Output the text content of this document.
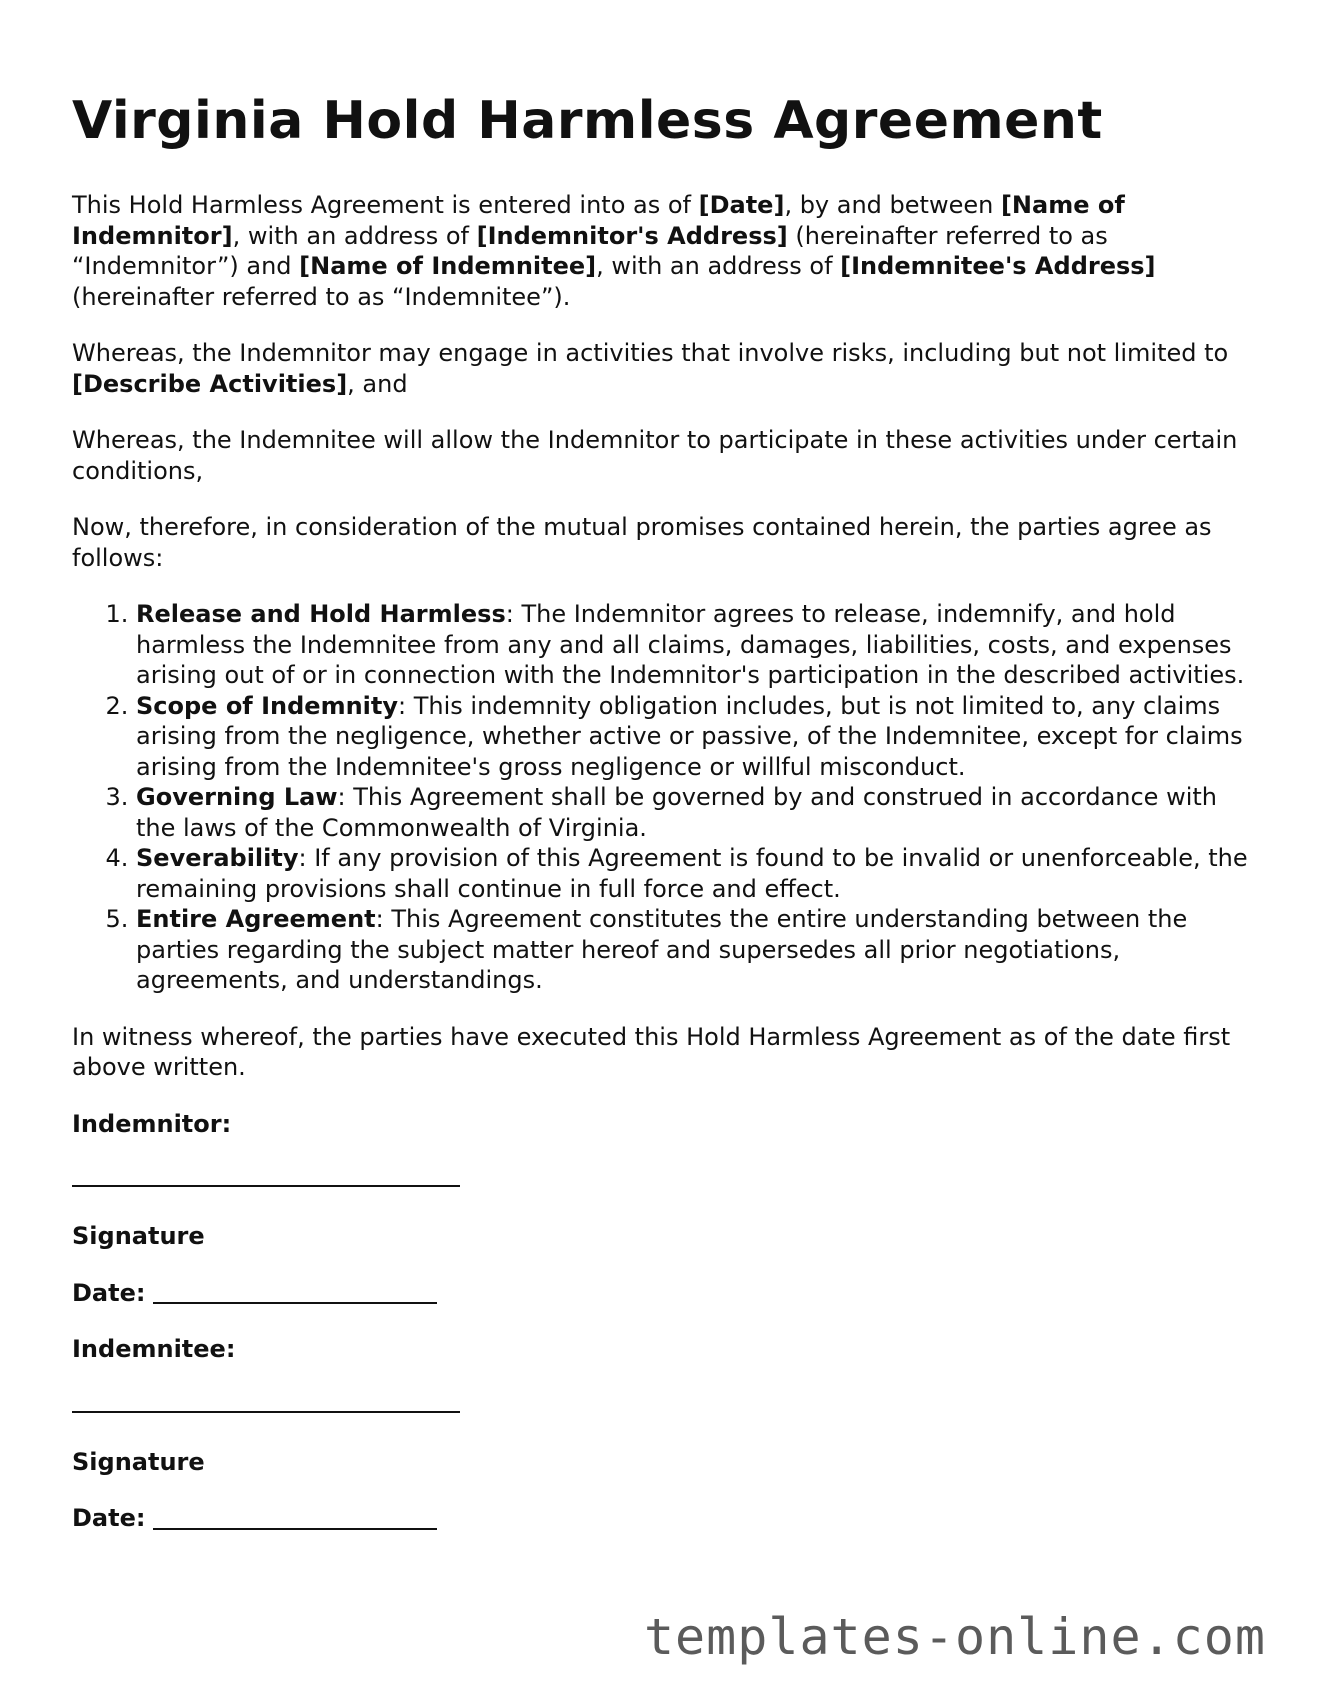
Virginia Hold Harmless Agreement

This Hold Harmless Agreement is entered into as of [Date], by and between [Name of Indemnitor], with an address of [Indemnitor's Address] (hereinafter referred to as “Indemnitor”) and [Name of Indemnitee], with an address of [Indemnitee's Address] (hereinafter referred to as “Indemnitee”).

Whereas, the Indemnitor may engage in activities that involve risks, including but not limited to [Describe Activities], and

Whereas, the Indemnitee will allow the Indemnitor to participate in these activities under certain conditions,

Now, therefore, in consideration of the mutual promises contained herein, the parties agree as follows:

1. Release and Hold Harmless: The Indemnitor agrees to release, indemnify, and hold harmless the Indemnitee from any and all claims, damages, liabilities, costs, and expenses arising out of or in connection with the Indemnitor's participation in the described activities.
2. Scope of Indemnity: This indemnity obligation includes, but is not limited to, any claims arising from the negligence, whether active or passive, of the Indemnitee, except for claims arising from the Indemnitee's gross negligence or willful misconduct.
3. Governing Law: This Agreement shall be governed by and construed in accordance with the laws of the Commonwealth of Virginia.
4. Severability: If any provision of this Agreement is found to be invalid or unenforceable, the remaining provisions shall continue in full force and effect.
5. Entire Agreement: This Agreement constitutes the entire understanding between the parties regarding the subject matter hereof and supersedes all prior negotiations, agreements, and understandings.

In witness whereof, the parties have executed this Hold Harmless Agreement as of the date first above written.

Indemnitor:
Signature
Date:
Indemnitee:
Signature
Date:
templates-online.com
